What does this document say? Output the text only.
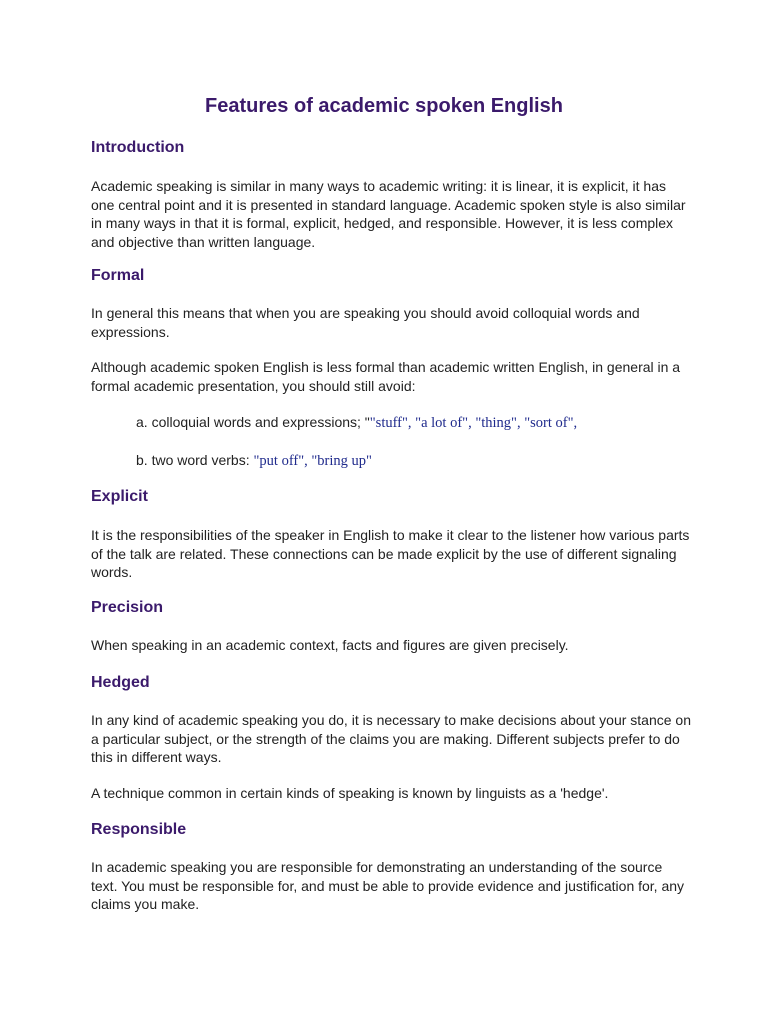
Features of academic spoken English
Introduction

Academic speaking is similar in many ways to academic writing: it is linear, it is explicit, it has one central point and it is presented in standard language. Academic spoken style is also similar in many ways in that it is formal, explicit, hedged, and responsible. However, it is less complex and objective than written language.

Formal

In general this means that when you are speaking you should avoid colloquial words and expressions.

Although academic spoken English is less formal than academic written English, in general in a formal academic presentation, you should still avoid:

a. colloquial words and expressions; ""stuff", "a lot of", "thing", "sort of",

b. two word verbs: "put off", "bring up"

Explicit

It is the responsibilities of the speaker in English to make it clear to the listener how various parts of the talk are related. These connections can be made explicit by the use of different signaling words.

Precision

When speaking in an academic context, facts and figures are given precisely.

Hedged

In any kind of academic speaking you do, it is necessary to make decisions about your stance on a particular subject, or the strength of the claims you are making. Different subjects prefer to do this in different ways.

A technique common in certain kinds of speaking is known by linguists as a 'hedge'.

Responsible

In academic speaking you are responsible for demonstrating an understanding of the source text. You must be responsible for, and must be able to provide evidence and justification for, any claims you make.
